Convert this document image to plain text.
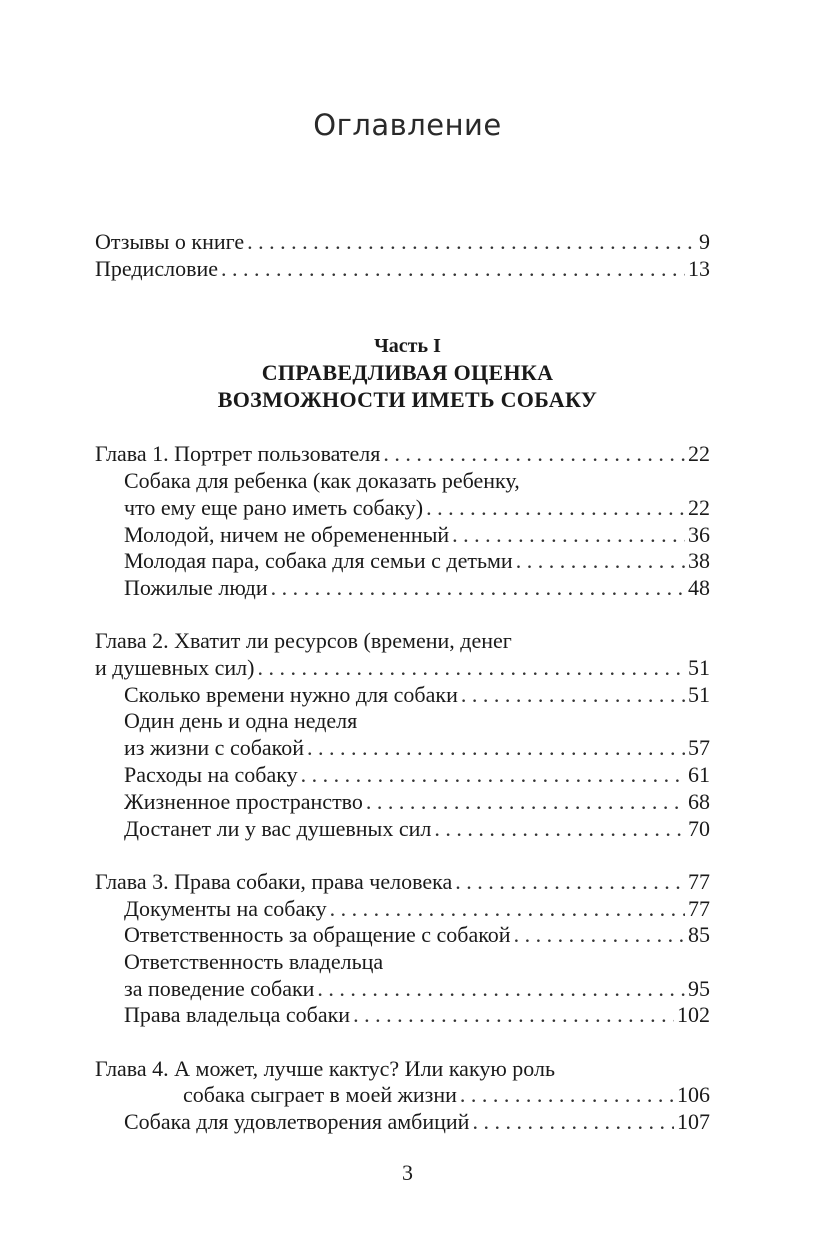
Оглавление
Отзывы о книге . . .	9
Предисловие . . .	13
Часть I
СПРАВЕДЛИВАЯ ОЦЕНКА
ВОЗМОЖНОСТИ ИМЕТЬ СОБАКУ
Глава 1. Портрет пользователя . . .	22
Собака для ребенка (как доказать ребенку,
что ему еще рано иметь собаку) . . .	22
Молодой, ничем не обремененный . . .	36
Молодая пара, собака для семьи с детьми . . .	38
Пожилые люди . . .	48
Глава 2. Хватит ли ресурсов (времени, денег
и душевных сил) . . .	51
Сколько времени нужно для собаки . . .	51
Один день и одна неделя
из жизни с собакой . . .	57
Расходы на собаку . . .	61
Жизненное пространство . . .	68
Достанет ли у вас душевных сил . . .	70
Глава 3. Права собаки, права человека . . .	77
Документы на собаку . . .	77
Ответственность за обращение с собакой . . .	85
Ответственность владельца
за поведение собаки . . .	95
Права владельца собаки . . .	102
Глава 4. А может, лучше кактус? Или какую роль
собака сыграет в моей жизни . . .	106
Собака для удовлетворения амбиций . . .	107
3
